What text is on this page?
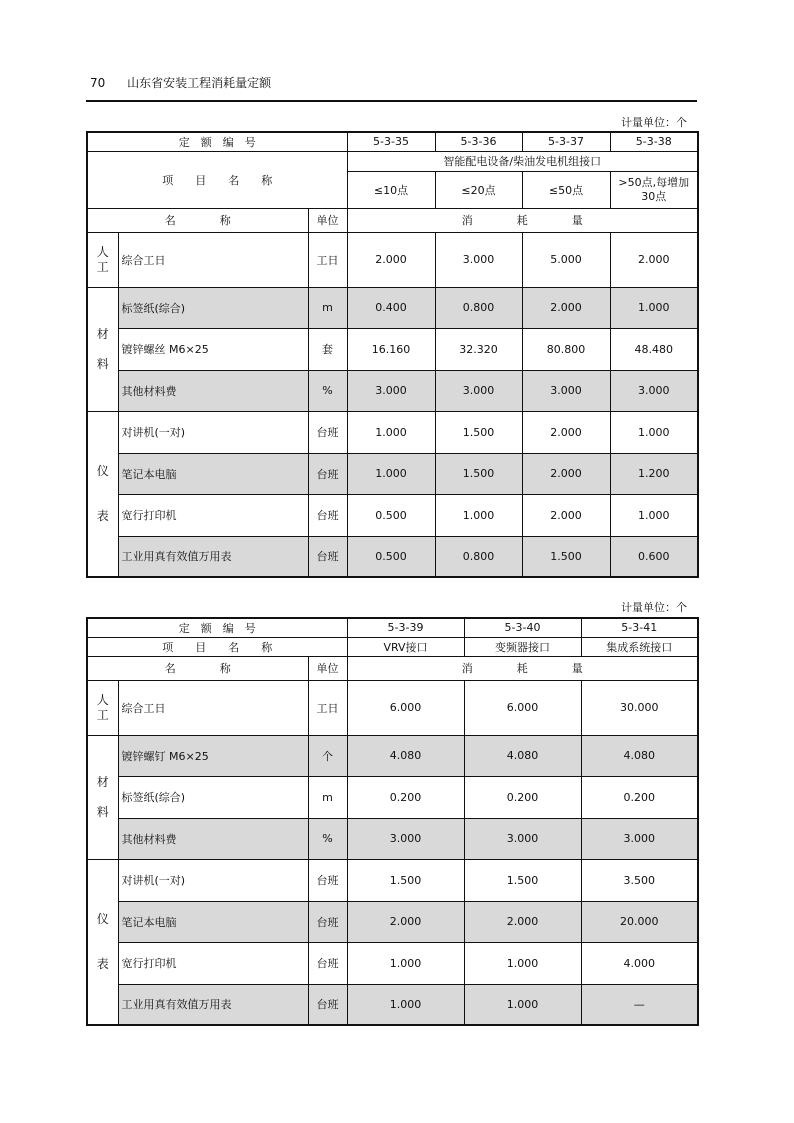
70 山东省安装工程消耗量定额
计量单位：个
定　额　编　号			5-3-35	5-3-36	5-3-37	5-3-38
项　　目　　名　　称			智能配电设备/柴油发电机组接口			
			≤10点	≤20点	≤50点	>50点,每增加30点
名　　　　称		单位	消　　　　耗　　　　量			
人
工	综合工日	工日	2.000	3.000	5.000	2.000
材

料	标签纸(综合)	m	0.400	0.800	2.000	1.000
	镀锌螺丝 M6×25	套	16.160	32.320	80.800	48.480
	其他材料费	%	3.000	3.000	3.000	3.000
仪

表	对讲机(一对)	台班	1.000	1.500	2.000	1.000
	笔记本电脑	台班	1.000	1.500	2.000	1.200
	宽行打印机	台班	0.500	1.000	2.000	1.000
	工业用真有效值万用表	台班	0.500	0.800	1.500	0.600
计量单位：个
定　额　编　号			5-3-39	5-3-40	5-3-41
项　　目　　名　　称			VRV接口	变频器接口	集成系统接口
名　　　　称		单位	消　　　　耗　　　　量		
人
工	综合工日	工日	6.000	6.000	30.000
材

料	镀锌螺钉 M6×25	个	4.080	4.080	4.080
	标签纸(综合)	m	0.200	0.200	0.200
	其他材料费	%	3.000	3.000	3.000
仪

表	对讲机(一对)	台班	1.500	1.500	3.500
	笔记本电脑	台班	2.000	2.000	20.000
	宽行打印机	台班	1.000	1.000	4.000
	工业用真有效值万用表	台班	1.000	1.000	—
